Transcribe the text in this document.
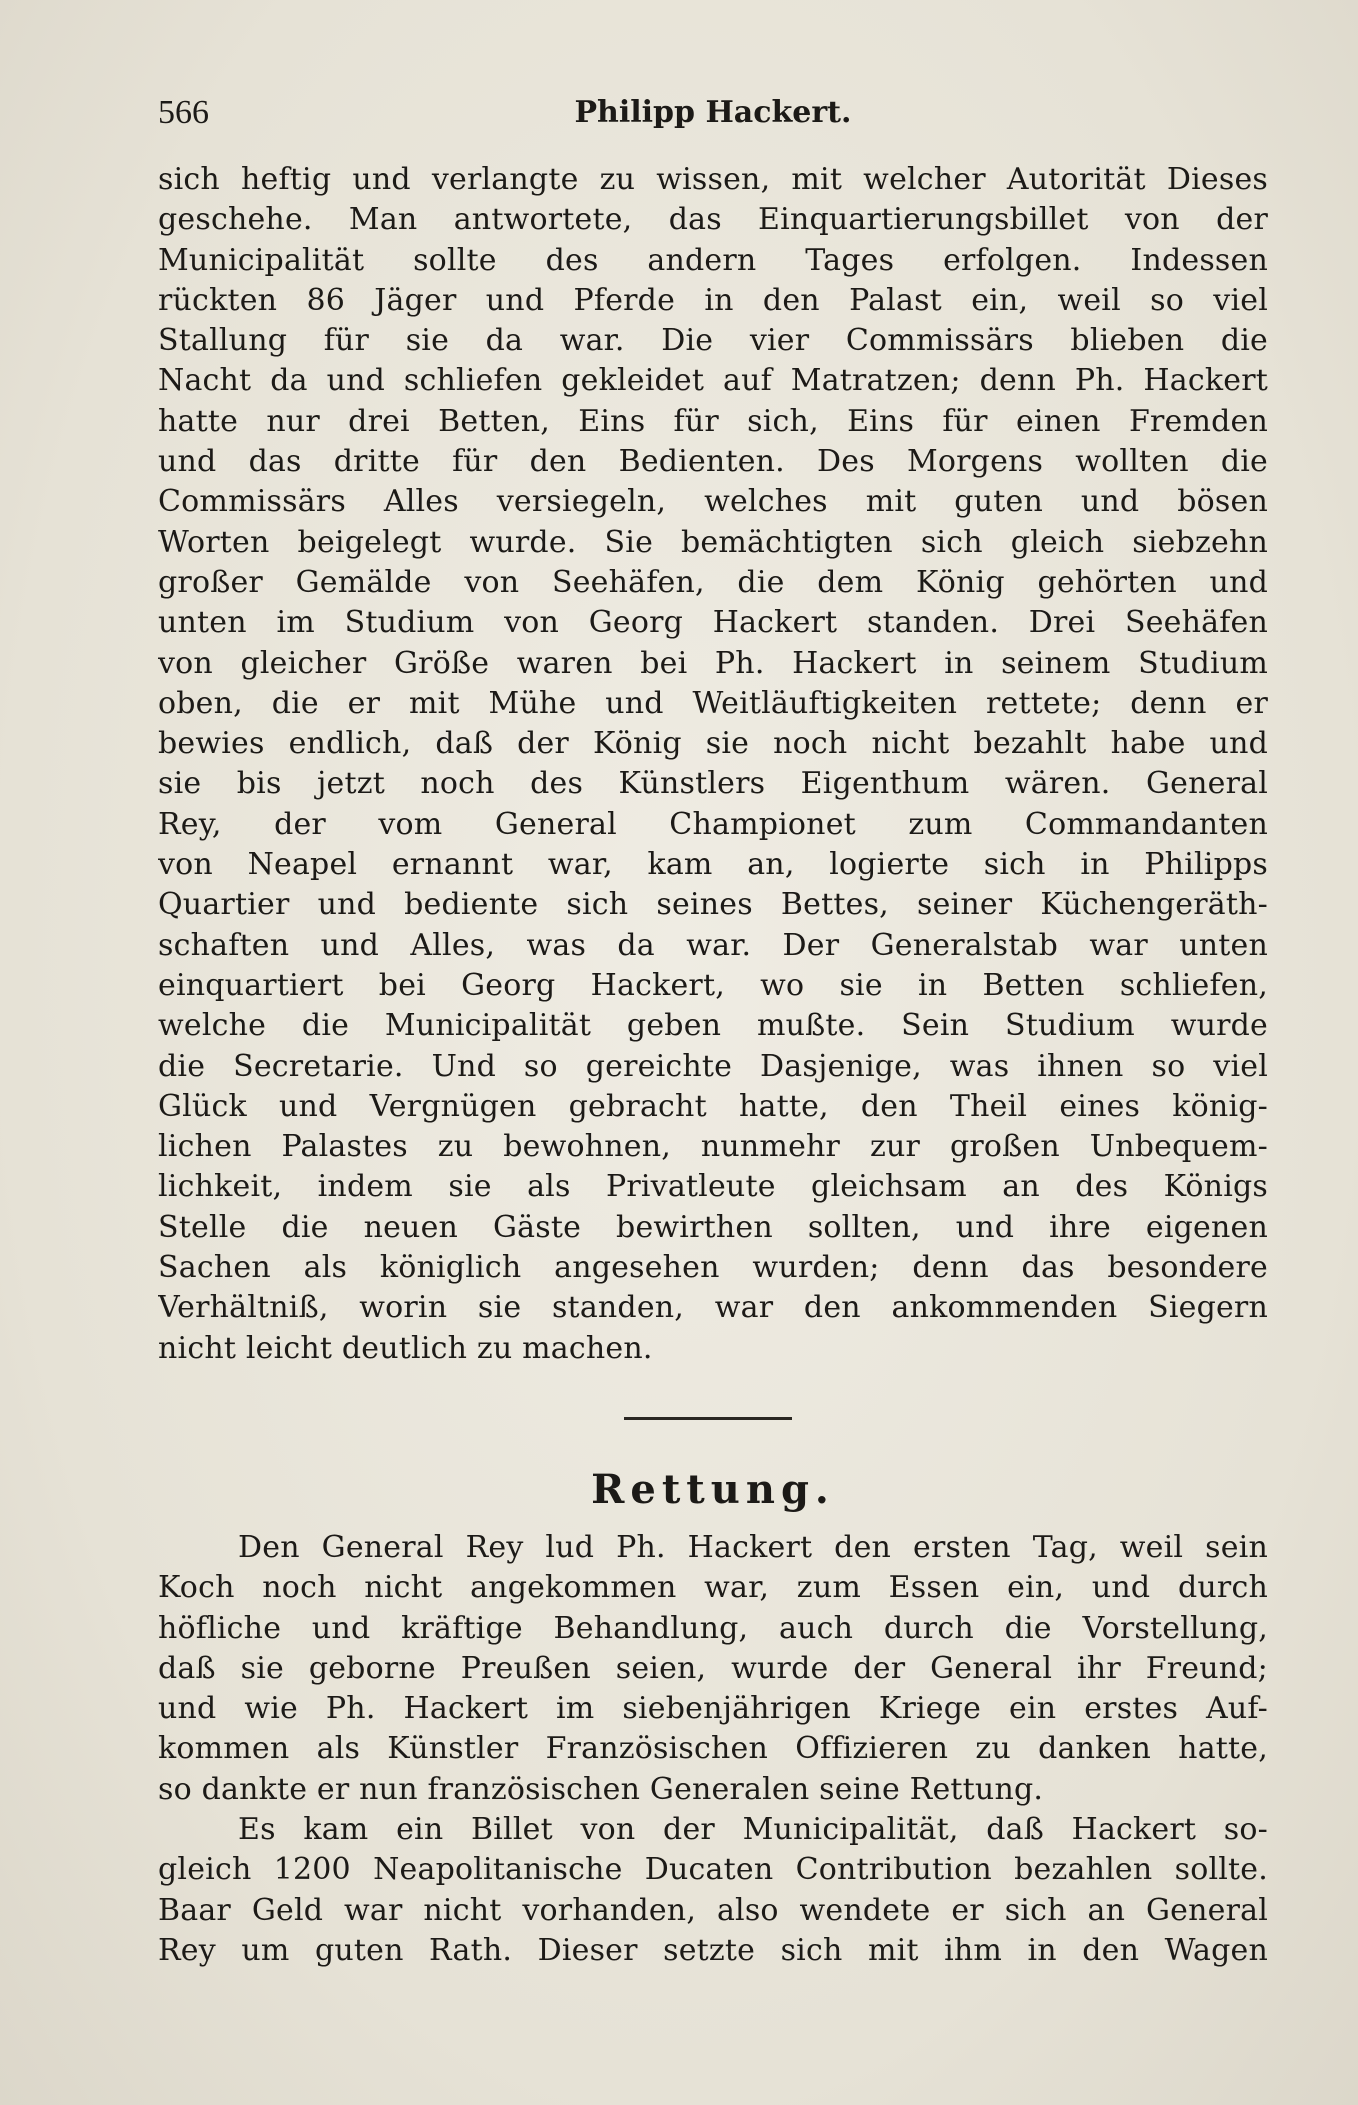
566	Philipp Hackert.
sich heftig und verlangte zu wissen, mit welcher Autorität Dieses
geschehe. Man antwortete, das Einquartierungsbillet von der
Municipalität sollte des andern Tages erfolgen. Indessen
rückten 86 Jäger und Pferde in den Palast ein, weil so viel
Stallung für sie da war. Die vier Commissärs blieben die
Nacht da und schliefen gekleidet auf Matratzen; denn Ph. Hackert
hatte nur drei Betten, Eins für sich, Eins für einen Fremden
und das dritte für den Bedienten. Des Morgens wollten die
Commissärs Alles versiegeln, welches mit guten und bösen
Worten beigelegt wurde. Sie bemächtigten sich gleich siebzehn
großer Gemälde von Seehäfen, die dem König gehörten und
unten im Studium von Georg Hackert standen. Drei Seehäfen
von gleicher Größe waren bei Ph. Hackert in seinem Studium
oben, die er mit Mühe und Weitläuftigkeiten rettete; denn er
bewies endlich, daß der König sie noch nicht bezahlt habe und
sie bis jetzt noch des Künstlers Eigenthum wären. General
Rey, der vom General Championet zum Commandanten
von Neapel ernannt war, kam an, logierte sich in Philipps
Quartier und bediente sich seines Bettes, seiner Küchengeräth-
schaften und Alles, was da war. Der Generalstab war unten
einquartiert bei Georg Hackert, wo sie in Betten schliefen,
welche die Municipalität geben mußte. Sein Studium wurde
die Secretarie. Und so gereichte Dasjenige, was ihnen so viel
Glück und Vergnügen gebracht hatte, den Theil eines könig-
lichen Palastes zu bewohnen, nunmehr zur großen Unbequem-
lichkeit, indem sie als Privatleute gleichsam an des Königs
Stelle die neuen Gäste bewirthen sollten, und ihre eigenen
Sachen als königlich angesehen wurden; denn das besondere
Verhältniß, worin sie standen, war den ankommenden Siegern
nicht leicht deutlich zu machen.
Rettung.
Den General Rey lud Ph. Hackert den ersten Tag, weil sein
Koch noch nicht angekommen war, zum Essen ein, und durch
höfliche und kräftige Behandlung, auch durch die Vorstellung,
daß sie geborne Preußen seien, wurde der General ihr Freund;
und wie Ph. Hackert im siebenjährigen Kriege ein erstes Auf-
kommen als Künstler Französischen Offizieren zu danken hatte,
so dankte er nun französischen Generalen seine Rettung.
Es kam ein Billet von der Municipalität, daß Hackert so-
gleich 1200 Neapolitanische Ducaten Contribution bezahlen sollte.
Baar Geld war nicht vorhanden, also wendete er sich an General
Rey um guten Rath. Dieser setzte sich mit ihm in den Wagen
